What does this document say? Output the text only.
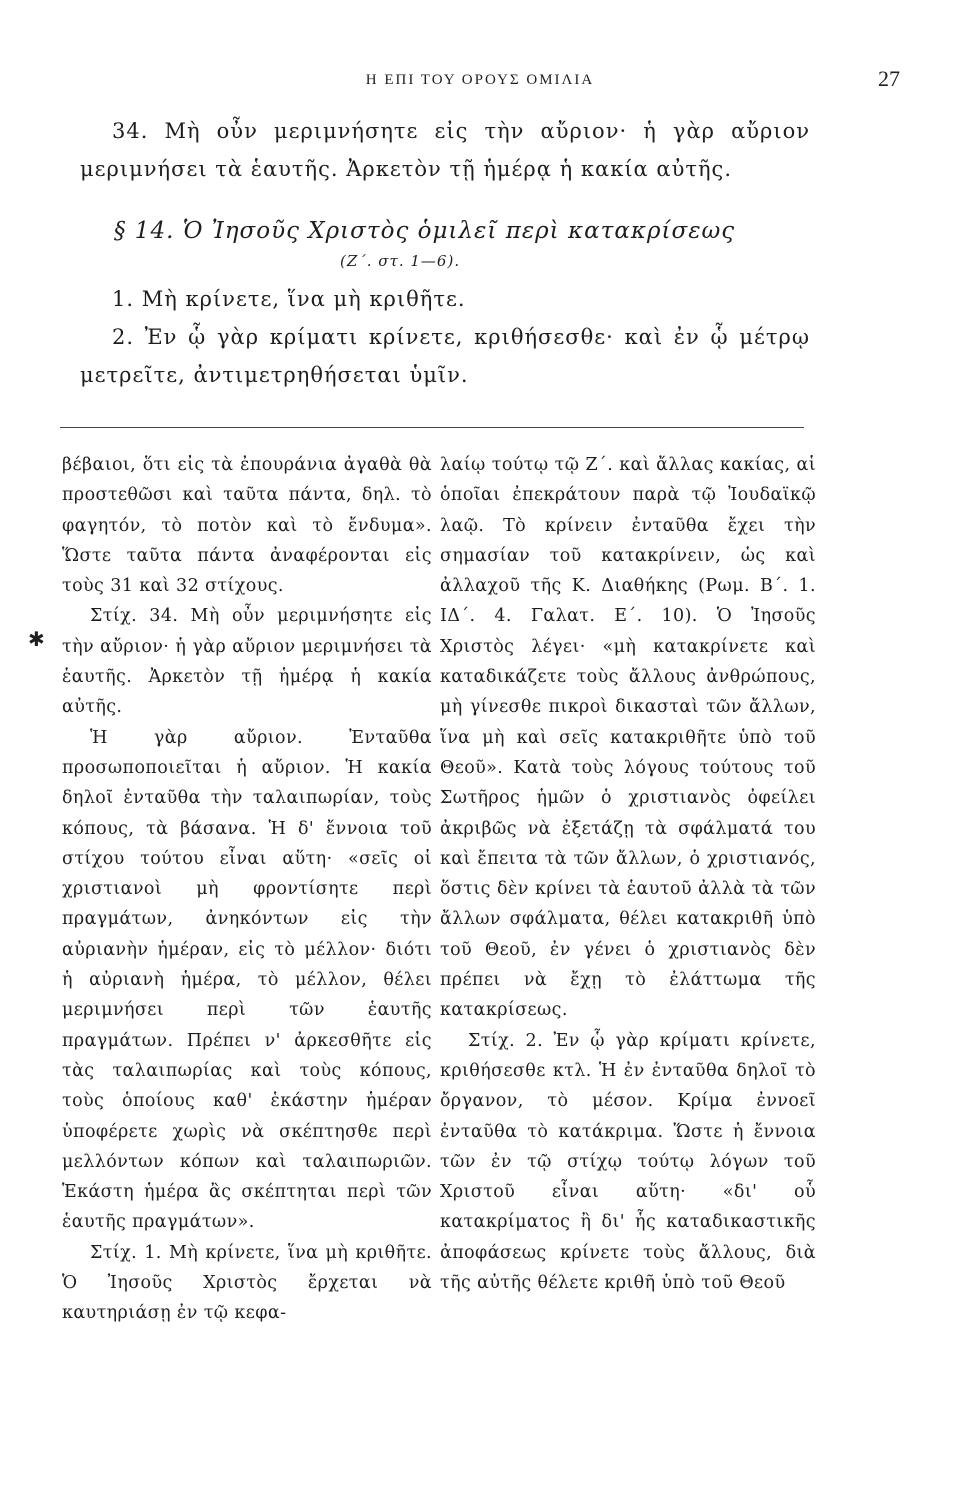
Η ΕΠΙ ΤΟΥ ΟΡΟΥΣ ΟΜΙΛΙΑ	27

34. Μὴ οὖν μεριμνήσητε εἰς τὴν αὔριον· ἡ γὰρ αὔριον μεριμνήσει τὰ ἑαυτῆς. Ἀρκετὸν τῇ ἡμέρᾳ ἡ κακία αὐτῆς.

§ 14. Ὁ Ἰησοῦς Χριστὸς ὁμιλεῖ περὶ κατακρίσεως

(Ζ΄. στ. 1—6).

1. Μὴ κρίνετε, ἵνα μὴ κριθῆτε.

2. Ἐν ᾧ γὰρ κρίματι κρίνετε, κριθήσεσθε· καὶ ἐν ᾧ μέτρῳ μετρεῖτε, ἀντιμετρηθήσεται ὑμῖν.

βέβαιοι, ὅτι εἰς τὰ ἐπουράνια ἀγαθὰ θὰ προστεθῶσι καὶ ταῦτα πάντα, δηλ. τὸ φαγητόν, τὸ ποτὸν καὶ τὸ ἔνδυμα». Ὥστε ταῦτα πάντα ἀναφέρονται εἰς τοὺς 31 καὶ 32 στίχους.

Στίχ. 34. Μὴ οὖν μεριμνήσητε εἰς τὴν αὔριον· ἡ γὰρ αὔριον μεριμνήσει τὰ ἑαυτῆς. Ἀρκετὸν τῇ ἡμέρᾳ ἡ κακία αὐτῆς.

Ἡ γὰρ αὔριον. Ἐνταῦθα προσωποποιεῖται ἡ αὔριον. Ἡ κακία δηλοῖ ἐνταῦθα τὴν ταλαιπωρίαν, τοὺς κόπους, τὰ βάσανα. Ἡ δ' ἔννοια τοῦ στίχου τούτου εἶναι αὕτη· «σεῖς οἱ χριστιανοὶ μὴ φροντίσητε περὶ πραγμάτων, ἀνηκόντων εἰς τὴν αὐριανὴν ἡμέραν, εἰς τὸ μέλλον· διότι ἡ αὐριανὴ ἡμέρα, τὸ μέλλον, θέλει μεριμνήσει περὶ τῶν ἑαυτῆς πραγμάτων. Πρέπει ν' ἀρκεσθῆτε εἰς τὰς ταλαιπωρίας καὶ τοὺς κόπους, τοὺς ὁποίους καθ' ἑκάστην ἡμέραν ὑποφέρετε χωρὶς νὰ σκέπτησθε περὶ μελλόντων κόπων καὶ ταλαιπωριῶν. Ἑκάστη ἡμέρα ἂς σκέπτηται περὶ τῶν ἑαυτῆς πραγμάτων».

Στίχ. 1. Μὴ κρίνετε, ἵνα μὴ κριθῆτε. Ὁ Ἰησοῦς Χριστὸς ἔρχεται νὰ καυτηριάσῃ ἐν τῷ κεφα-

λαίῳ τούτῳ τῷ Ζ΄. καὶ ἄλλας κακίας, αἱ ὁποῖαι ἐπεκράτουν παρὰ τῷ Ἰουδαϊκῷ λαῷ. Τὸ κρίνειν ἐνταῦθα ἔχει τὴν σημασίαν τοῦ κατακρίνειν, ὡς καὶ ἀλλαχοῦ τῆς Κ. Διαθήκης (Ρωμ. Β΄. 1. ΙΔ΄. 4. Γαλατ. Ε΄. 10). Ὁ Ἰησοῦς Χριστὸς λέγει· «μὴ κατακρίνετε καὶ καταδικάζετε τοὺς ἄλλους ἀνθρώπους, μὴ γίνεσθε πικροὶ δικασταὶ τῶν ἄλλων, ἵνα μὴ καὶ σεῖς κατακριθῆτε ὑπὸ τοῦ Θεοῦ». Κατὰ τοὺς λόγους τούτους τοῦ Σωτῆρος ἡμῶν ὁ χριστιανὸς ὀφείλει ἀκριβῶς νὰ ἐξετάζῃ τὰ σφάλματά του καὶ ἔπειτα τὰ τῶν ἄλλων, ὁ χριστιανός, ὅστις δὲν κρίνει τὰ ἑαυτοῦ ἀλλὰ τὰ τῶν ἄλλων σφάλματα, θέλει κατακριθῆ ὑπὸ τοῦ Θεοῦ, ἐν γένει ὁ χριστιανὸς δὲν πρέπει νὰ ἔχῃ τὸ ἐλάττωμα τῆς κατακρίσεως.

Στίχ. 2. Ἐν ᾧ γὰρ κρίματι κρίνετε, κριθήσεσθε κτλ. Ἡ ἐν ἐνταῦθα δηλοῖ τὸ ὄργανον, τὸ μέσον. Κρίμα ἐννοεῖ ἐνταῦθα τὸ κατάκριμα. Ὥστε ἡ ἔννοια τῶν ἐν τῷ στίχῳ τούτῳ λόγων τοῦ Χριστοῦ εἶναι αὕτη· «δι' οὗ κατακρίματος ἢ δι' ἧς καταδικαστικῆς ἀποφάσεως κρίνετε τοὺς ἄλλους, διὰ τῆς αὐτῆς θέλετε κριθῆ ὑπὸ τοῦ Θεοῦ

✱
